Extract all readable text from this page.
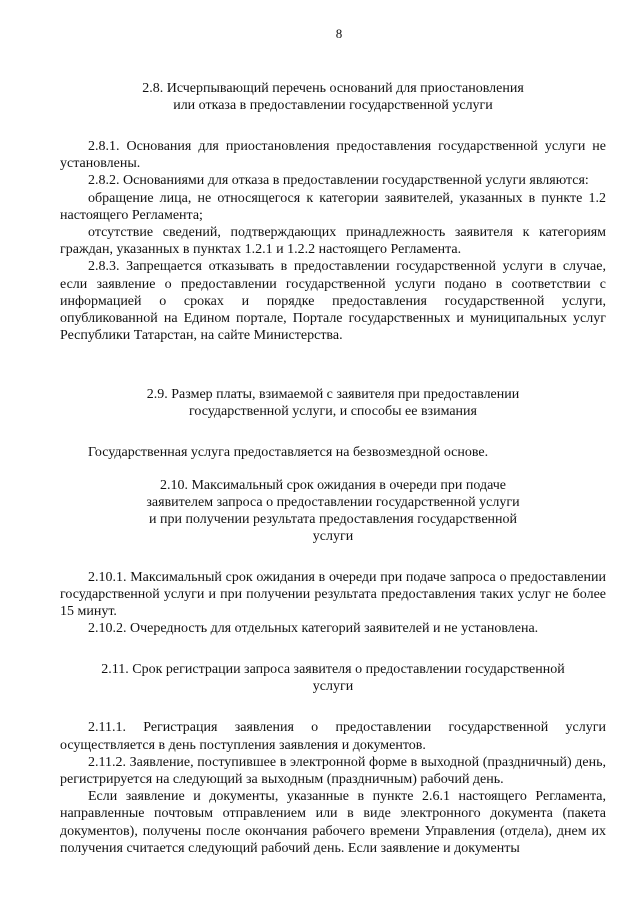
8

2.8. Исчерпывающий перечень оснований для приостановления

или отказа в предоставлении государственной услуги

2.8.1. Основания для приостановления предоставления государственной услуги не установлены.

2.8.2. Основаниями для отказа в предоставлении государственной услуги являются:

обращение лица, не относящегося к категории заявителей, указанных в пункте 1.2 настоящего Регламента;

отсутствие сведений, подтверждающих принадлежность заявителя к категориям граждан, указанных в пунктах 1.2.1 и 1.2.2 настоящего Регламента.

2.8.3. Запрещается отказывать в предоставлении государственной услуги в случае, если заявление о предоставлении государственной услуги подано в соответствии с информацией о сроках и порядке предоставления государственной услуги, опубликованной на Едином портале, Портале государственных и муниципальных услуг Республики Татарстан, на сайте Министерства.

2.9. Размер платы, взимаемой с заявителя при предоставлении

государственной услуги, и способы ее взимания

Государственная услуга предоставляется на безвозмездной основе.

2.10. Максимальный срок ожидания в очереди при подаче

заявителем запроса о предоставлении государственной услуги

и при получении результата предоставления государственной

услуги

2.10.1. Максимальный срок ожидания в очереди при подаче запроса о предоставлении государственной услуги и при получении результата предоставления таких услуг не более 15 минут.

2.10.2. Очередность для отдельных категорий заявителей и не установлена.

2.11. Срок регистрации запроса заявителя о предоставлении государственной

услуги

2.11.1. Регистрация заявления о предоставлении государственной услуги осуществляется в день поступления заявления и документов.

2.11.2. Заявление, поступившее в электронной форме в выходной (праздничный) день, регистрируется на следующий за выходным (праздничным) рабочий день.

Если заявление и документы, указанные в пункте 2.6.1 настоящего Регламента, направленные почтовым отправлением или в виде электронного документа (пакета документов), получены после окончания рабочего времени Управления (отдела), днем их получения считается следующий рабочий день. Если заявление и документы
